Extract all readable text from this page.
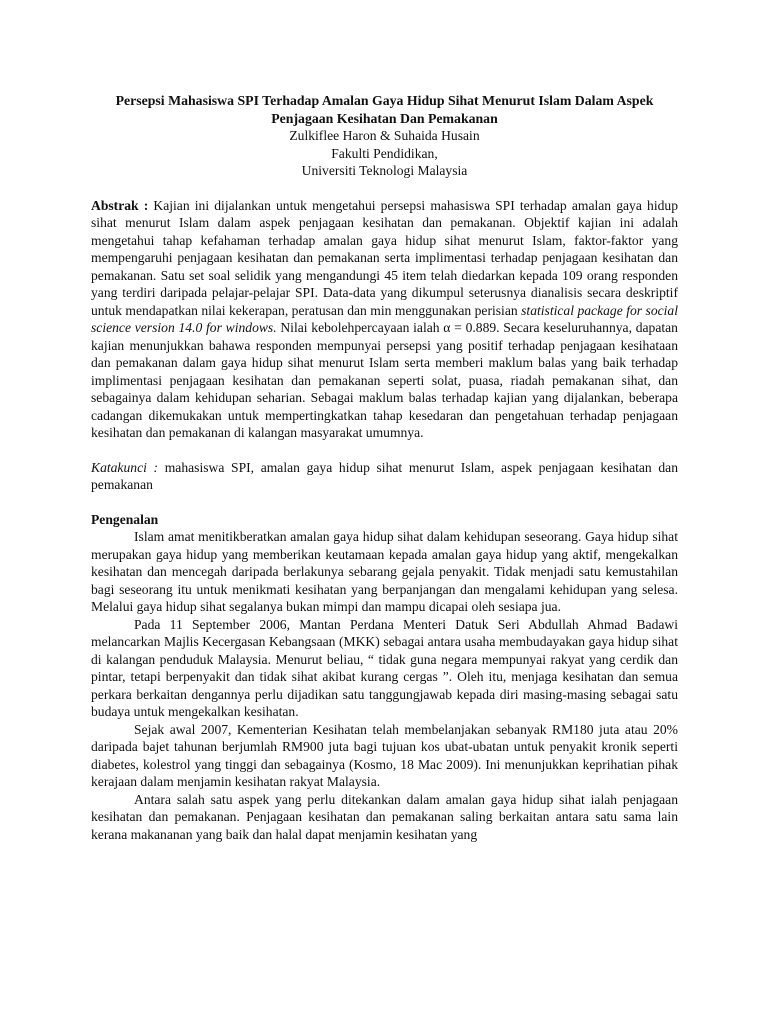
Persepsi Mahasiswa SPI Terhadap Amalan Gaya Hidup Sihat Menurut Islam Dalam Aspek Penjagaan Kesihatan Dan Pemakanan

Zulkiflee Haron & Suhaida Husain

Fakulti Pendidikan,

Universiti Teknologi Malaysia

Abstrak : Kajian ini dijalankan untuk mengetahui persepsi mahasiswa SPI terhadap amalan gaya hidup sihat menurut Islam dalam aspek penjagaan kesihatan dan pemakanan. Objektif kajian ini adalah mengetahui tahap kefahaman terhadap amalan gaya hidup sihat menurut Islam, faktor-faktor yang mempengaruhi penjagaan kesihatan dan pemakanan serta implimentasi terhadap penjagaan kesihatan dan pemakanan. Satu set soal selidik yang mengandungi 45 item telah diedarkan kepada 109 orang responden yang terdiri daripada pelajar-pelajar SPI. Data-data yang dikumpul seterusnya dianalisis secara deskriptif untuk mendapatkan nilai kekerapan, peratusan dan min menggunakan perisian statistical package for social science version 14.0 for windows. Nilai kebolehpercayaan ialah α = 0.889. Secara keseluruhannya, dapatan kajian menunjukkan bahawa responden mempunyai persepsi yang positif terhadap penjagaan kesihataan dan pemakanan dalam gaya hidup sihat menurut Islam serta memberi maklum balas yang baik terhadap implimentasi penjagaan kesihatan dan pemakanan seperti solat, puasa, riadah pemakanan sihat, dan sebagainya dalam kehidupan seharian. Sebagai maklum balas terhadap kajian yang dijalankan, beberapa cadangan dikemukakan untuk mempertingkatkan tahap kesedaran dan pengetahuan terhadap penjagaan kesihatan dan pemakanan di kalangan masyarakat umumnya.

Katakunci : mahasiswa SPI, amalan gaya hidup sihat menurut Islam, aspek penjagaan kesihatan dan pemakanan

Pengenalan

Islam amat menitikberatkan amalan gaya hidup sihat dalam kehidupan seseorang. Gaya hidup sihat merupakan gaya hidup yang memberikan keutamaan kepada amalan gaya hidup yang aktif, mengekalkan kesihatan dan mencegah daripada berlakunya sebarang gejala penyakit. Tidak menjadi satu kemustahilan bagi seseorang itu untuk menikmati kesihatan yang berpanjangan dan mengalami kehidupan yang selesa. Melalui gaya hidup sihat segalanya bukan mimpi dan mampu dicapai oleh sesiapa jua.

Pada 11 September 2006, Mantan Perdana Menteri Datuk Seri Abdullah Ahmad Badawi melancarkan Majlis Kecergasan Kebangsaan (MKK) sebagai antara usaha membudayakan gaya hidup sihat di kalangan penduduk Malaysia. Menurut beliau, “ tidak guna negara mempunyai rakyat yang cerdik dan pintar, tetapi berpenyakit dan tidak sihat akibat kurang cergas ”. Oleh itu, menjaga kesihatan dan semua perkara berkaitan dengannya perlu dijadikan satu tanggungjawab kepada diri masing-masing sebagai satu budaya untuk mengekalkan kesihatan.

Sejak awal 2007, Kementerian Kesihatan telah membelanjakan sebanyak RM180 juta atau 20% daripada bajet tahunan berjumlah RM900 juta bagi tujuan kos ubat-ubatan untuk penyakit kronik seperti diabetes, kolestrol yang tinggi dan sebagainya (Kosmo, 18 Mac 2009). Ini menunjukkan keprihatian pihak kerajaan dalam menjamin kesihatan rakyat Malaysia.

Antara salah satu aspek yang perlu ditekankan dalam amalan gaya hidup sihat ialah penjagaan kesihatan dan pemakanan. Penjagaan kesihatan dan pemakanan saling berkaitan antara satu sama lain kerana makananan yang baik dan halal dapat menjamin kesihatan yang
